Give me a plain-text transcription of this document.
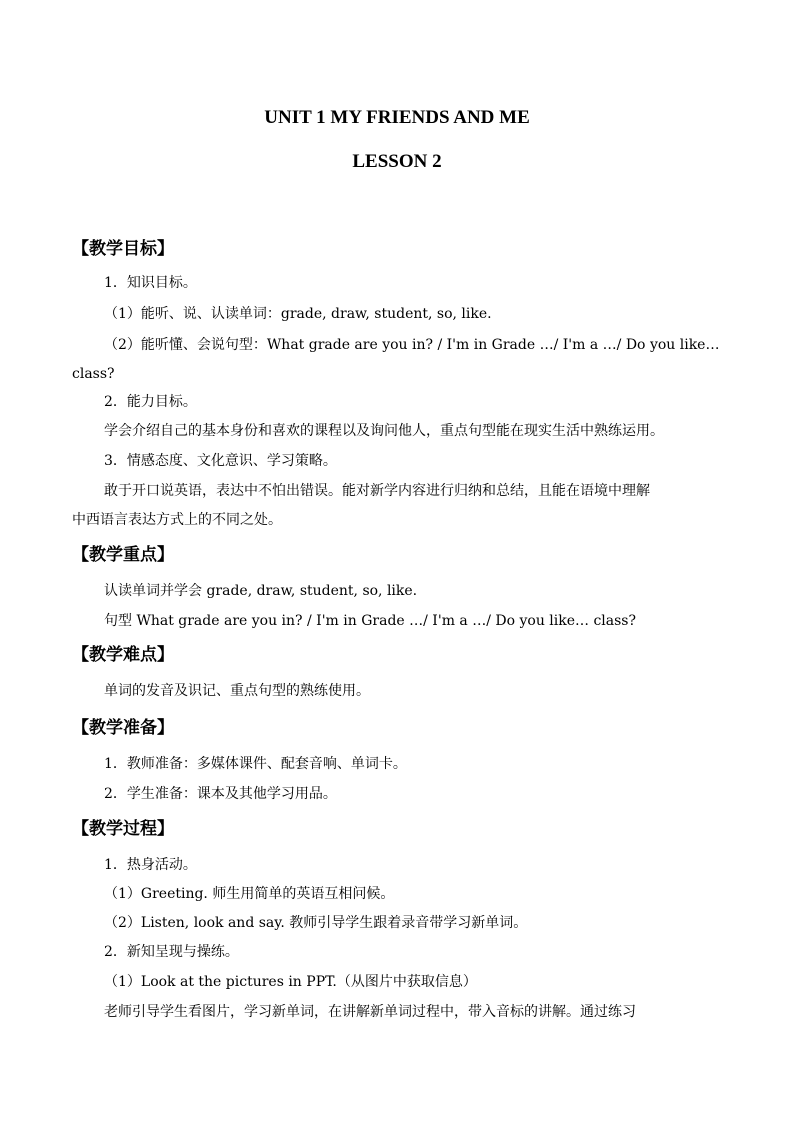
UNIT 1 MY FRIENDS AND ME
LESSON 2
【教学目标】
1．知识目标。
（1）能听、说、认读单词：grade, draw, student, so, like.
（2）能听懂、会说句型：What grade are you in? / I'm in Grade …/ I'm a …/ Do you like…
class?
2．能力目标。
学会介绍自己的基本身份和喜欢的课程以及询问他人，重点句型能在现实生活中熟练运用。
3．情感态度、文化意识、学习策略。
敢于开口说英语，表达中不怕出错误。能对新学内容进行归纳和总结，且能在语境中理解
中西语言表达方式上的不同之处。
【教学重点】
认读单词并学会 grade, draw, student, so, like.
句型 What grade are you in? / I'm in Grade …/ I'm a …/ Do you like… class?
【教学难点】
单词的发音及识记、重点句型的熟练使用。
【教学准备】
1．教师准备：多媒体课件、配套音响、单词卡。
2．学生准备：课本及其他学习用品。
【教学过程】
1．热身活动。
（1）Greeting. 师生用简单的英语互相问候。
（2）Listen, look and say. 教师引导学生跟着录音带学习新单词。
2．新知呈现与操练。
（1）Look at the pictures in PPT.（从图片中获取信息）
老师引导学生看图片，学习新单词，在讲解新单词过程中，带入音标的讲解。通过练习
